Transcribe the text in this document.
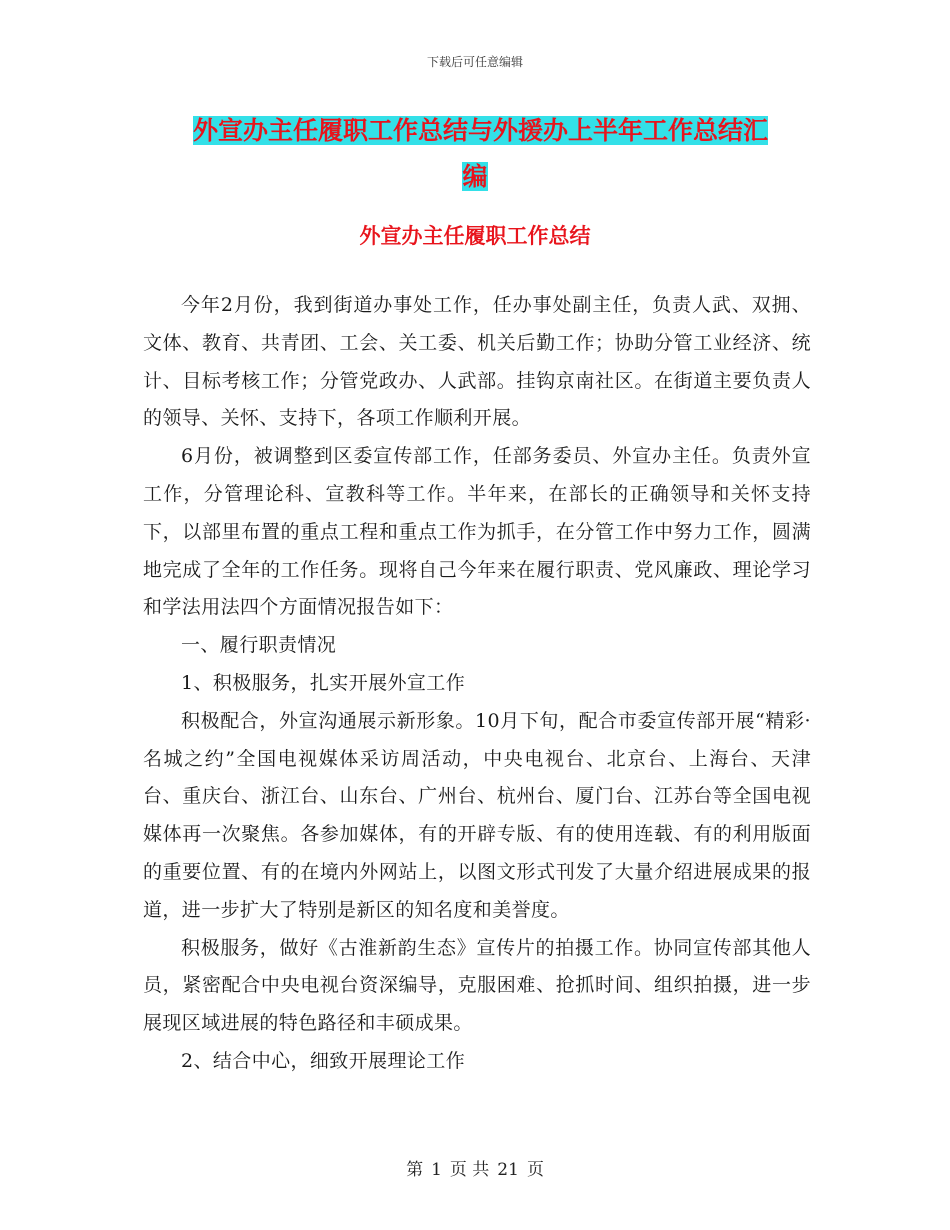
下载后可任意编辑
外宣办主任履职工作总结与外援办上半年工作总结汇
编
外宣办主任履职工作总结

今年2月份，我到街道办事处工作，任办事处副主任，负责人武、双拥、文体、教育、共青团、工会、关工委、机关后勤工作；协助分管工业经济、统计、目标考核工作；分管党政办、人武部。挂钩京南社区。在街道主要负责人的领导、关怀、支持下，各项工作顺利开展。

6月份，被调整到区委宣传部工作，任部务委员、外宣办主任。负责外宣工作，分管理论科、宣教科等工作。半年来，在部长的正确领导和关怀支持下，以部里布置的重点工程和重点工作为抓手，在分管工作中努力工作，圆满地完成了全年的工作任务。现将自己今年来在履行职责、党风廉政、理论学习和学法用法四个方面情况报告如下：

一、履行职责情况

1、积极服务，扎实开展外宣工作

积极配合，外宣沟通展示新形象。10月下旬，配合市委宣传部开展“精彩·名城之约”全国电视媒体采访周活动，中央电视台、北京台、上海台、天津台、重庆台、浙江台、山东台、广州台、杭州台、厦门台、江苏台等全国电视媒体再一次聚焦。各参加媒体，有的开辟专版、有的使用连载、有的利用版面的重要位置、有的在境内外网站上，以图文形式刊发了大量介绍进展成果的报道，进一步扩大了特别是新区的知名度和美誉度。

积极服务，做好《古淮新韵生态》宣传片的拍摄工作。协同宣传部其他人员，紧密配合中央电视台资深编导，克服困难、抢抓时间、组织拍摄，进一步展现区域进展的特色路径和丰硕成果。

2、结合中心，细致开展理论工作

第 1 页 共 21 页
